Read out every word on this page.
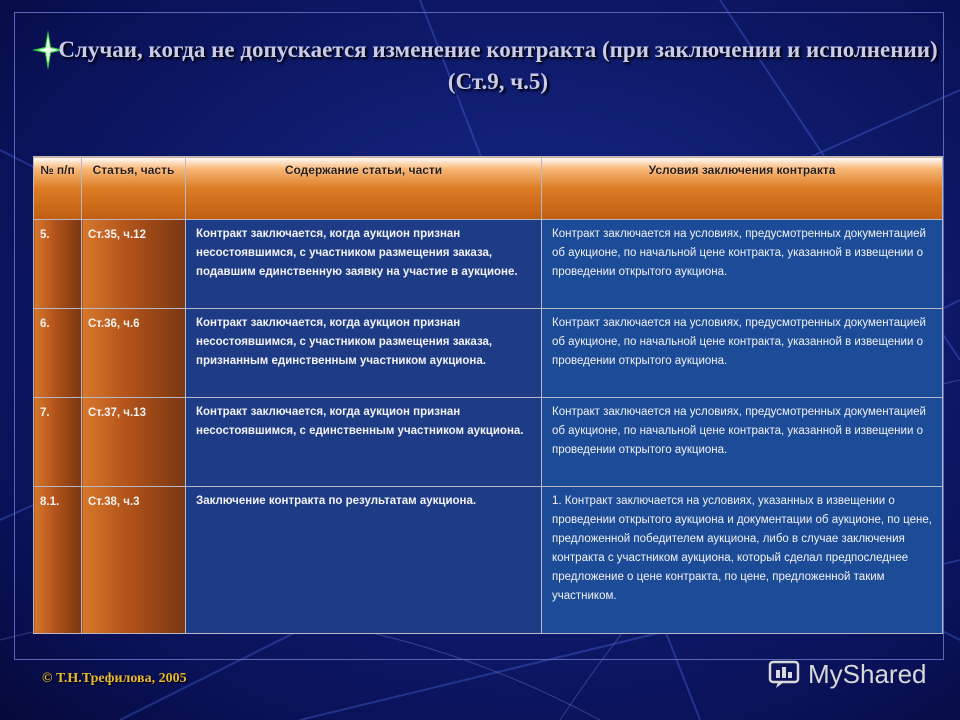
Случаи, когда не допускается изменение контракта (при заключении и исполнении) (Ст.9, ч.5)
№ п/п	Статья, часть	Содержание статьи, части	Условия заключения контракта
5.	Ст.35, ч.12	Контракт заключается, когда аукцион признан несостоявшимся, с участником размещения заказа, подавшим единственную заявку на участие в аукционе.	Контракт заключается на условиях, предусмотренных документацией об аукционе, по начальной цене контракта, указанной в извещении о проведении открытого аукциона.
6.	Ст.36, ч.6	Контракт заключается, когда аукцион признан несостоявшимся, с участником размещения заказа, признанным единственным участником аукциона.	Контракт заключается на условиях, предусмотренных документацией об аукционе, по начальной цене контракта, указанной в извещении о проведении открытого аукциона.
7.	Ст.37, ч.13	Контракт заключается, когда аукцион признан несостоявшимся, с единственным участником аукциона.	Контракт заключается на условиях, предусмотренных документацией об аукционе, по начальной цене контракта, указанной в извещении о проведении открытого аукциона.
8.1.	Ст.38, ч.3	Заключение контракта по результатам аукциона.	1. Контракт заключается на условиях, указанных в извещении о проведении открытого аукциона и документации об аукционе, по цене, предложенной победителем аукциона, либо в случае заключения контракта с участником аукциона, который сделал предпоследнее предложение о цене контракта, по цене, предложенной таким участником.
© Т.Н.Трефилова, 2005	MyShared
